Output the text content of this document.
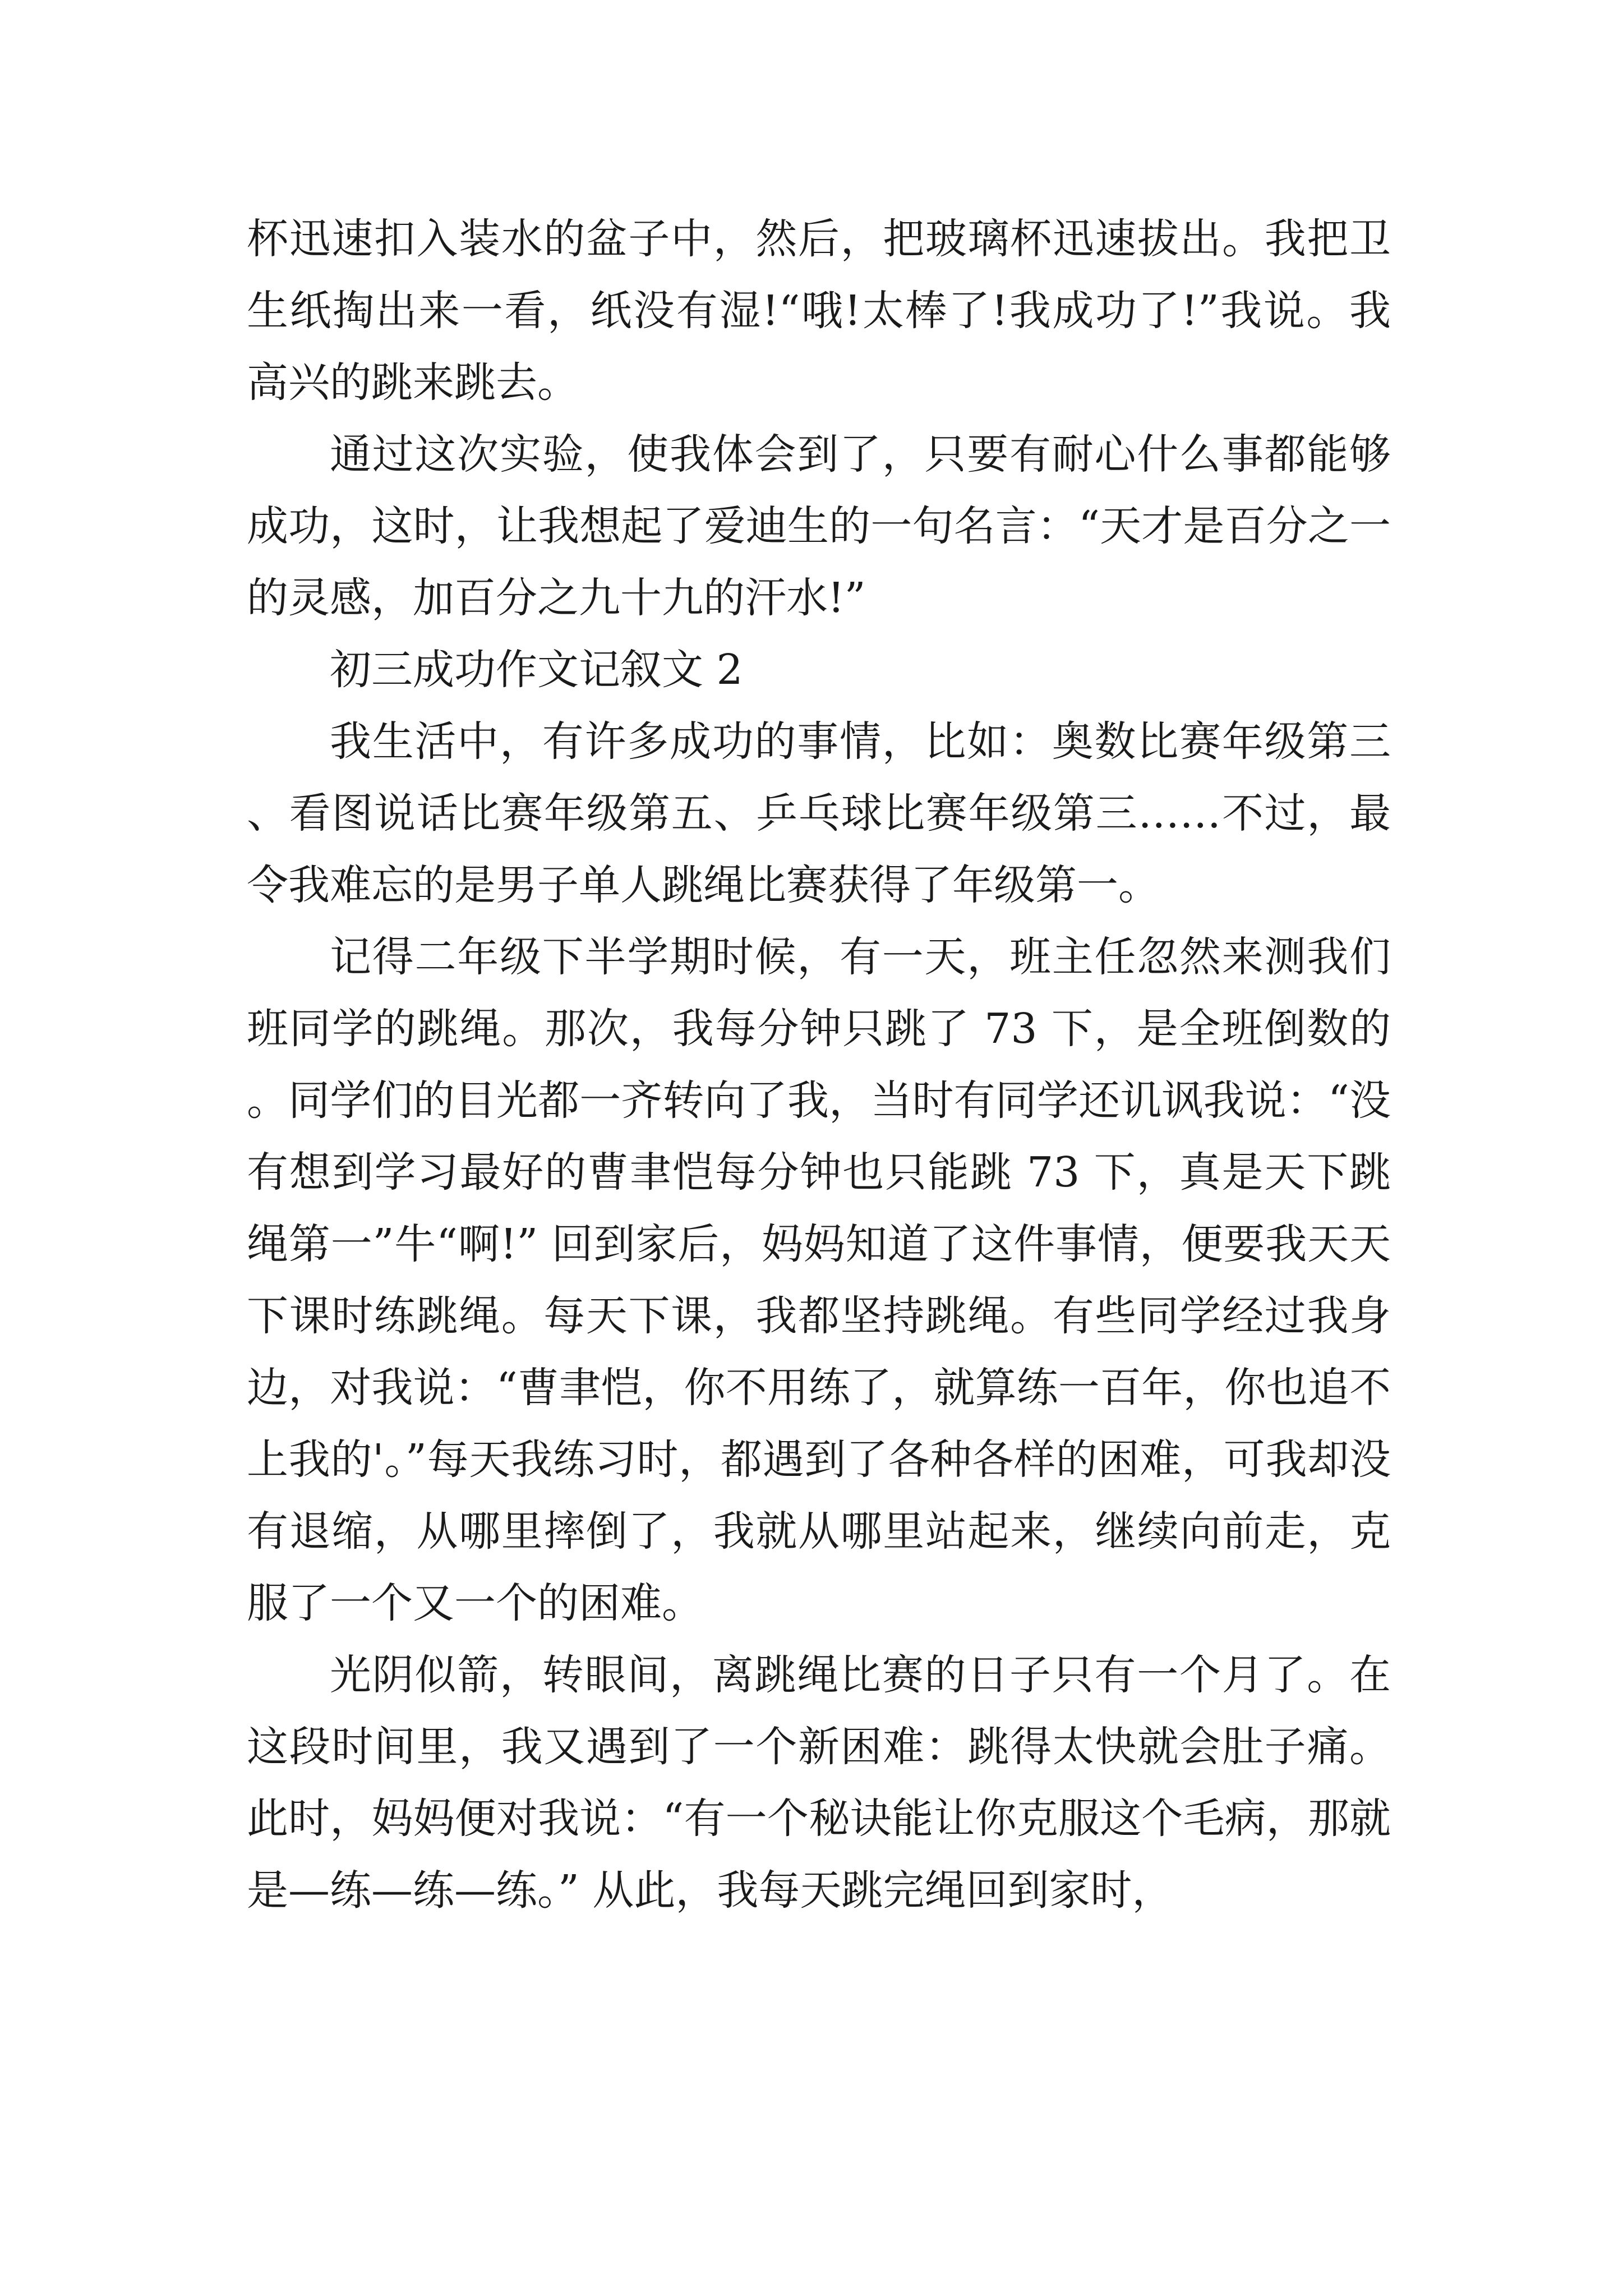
杯迅速扣入装水的盆子中，然后，把玻璃杯迅速拔出。我把卫生纸掏出来一看，纸没有湿!“哦!太棒了!我成功了!”我说。我高兴的跳来跳去。

通过这次实验，使我体会到了，只要有耐心什么事都能够成功，这时，让我想起了爱迪生的一句名言：“天才是百分之一的灵感，加百分之九十九的汗水!”

初三成功作文记叙文 2

我生活中，有许多成功的事情，比如：奥数比赛年级第三、看图说话比赛年级第五、乒乓球比赛年级第三……不过，最令我难忘的是男子单人跳绳比赛获得了年级第一。

记得二年级下半学期时候，有一天，班主任忽然来测我们班同学的跳绳。那次，我每分钟只跳了 73 下，是全班倒数的。同学们的目光都一齐转向了我，当时有同学还讥讽我说：“没有想到学习最好的曹聿恺每分钟也只能跳 73 下，真是天下跳绳第一”牛“啊!” 回到家后，妈妈知道了这件事情，便要我天天下课时练跳绳。每天下课，我都坚持跳绳。有些同学经过我身边，对我说：“曹聿恺，你不用练了，就算练一百年，你也追不上我的'。”每天我练习时，都遇到了各种各样的困难，可我却没有退缩，从哪里摔倒了，我就从哪里站起来，继续向前走，克服了一个又一个的困难。

光阴似箭，转眼间，离跳绳比赛的日子只有一个月了。在这段时间里，我又遇到了一个新困难：跳得太快就会肚子痛。此时，妈妈便对我说：“有一个秘诀能让你克服这个毛病，那就是—练—练—练。” 从此，我每天跳完绳回到家时，
